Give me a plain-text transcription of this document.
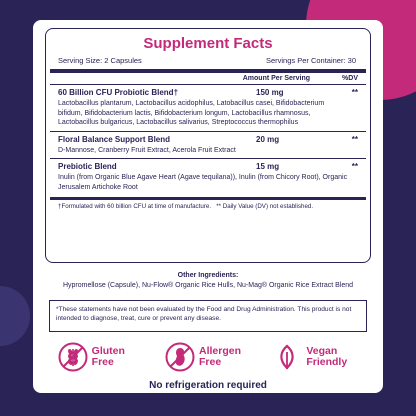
Supplement Facts
Serving Size: 2 Capsules	Servings Per Container: 30
Amount Per Serving	%DV
60 Billion CFU Probiotic Blend†	150 mg	**
Lactobacillus plantarum, Lactobacillus acidophilus, Latobacillus casei, Bifidobacterium bifidum, Bifidobacterium lactis, Bifidobacterium longum, Lactobacillus rhamnosus, Lactobacillus bulgaricus, Lactobacillus salivarius, Streptococcus thermophilus
Floral Balance Support Blend	20 mg	**
D-Mannose, Cranberry Fruit Extract, Acerola Fruit Extract
Prebiotic Blend	15 mg	**
Inulin (from Organic Blue Agave Heart (Agave tequilana)), Inulin (from Chicory Root), Organic Jerusalem Artichoke Root
†Formulated with 60 billion CFU at time of manufacture.   ** Daily Value (DV) not established.
Other Ingredients:
Hypromellose (Capsule), Nu-Flow® Organic Rice Hulls, Nu-Mag® Organic Rice Extract Blend
*These statements have not been evaluated by the Food and Drug Administration. This product is not intended to diagnose, treat, cure or prevent any disease.
Gluten Free
Allergen Free
Vegan Friendly
No refrigeration required
